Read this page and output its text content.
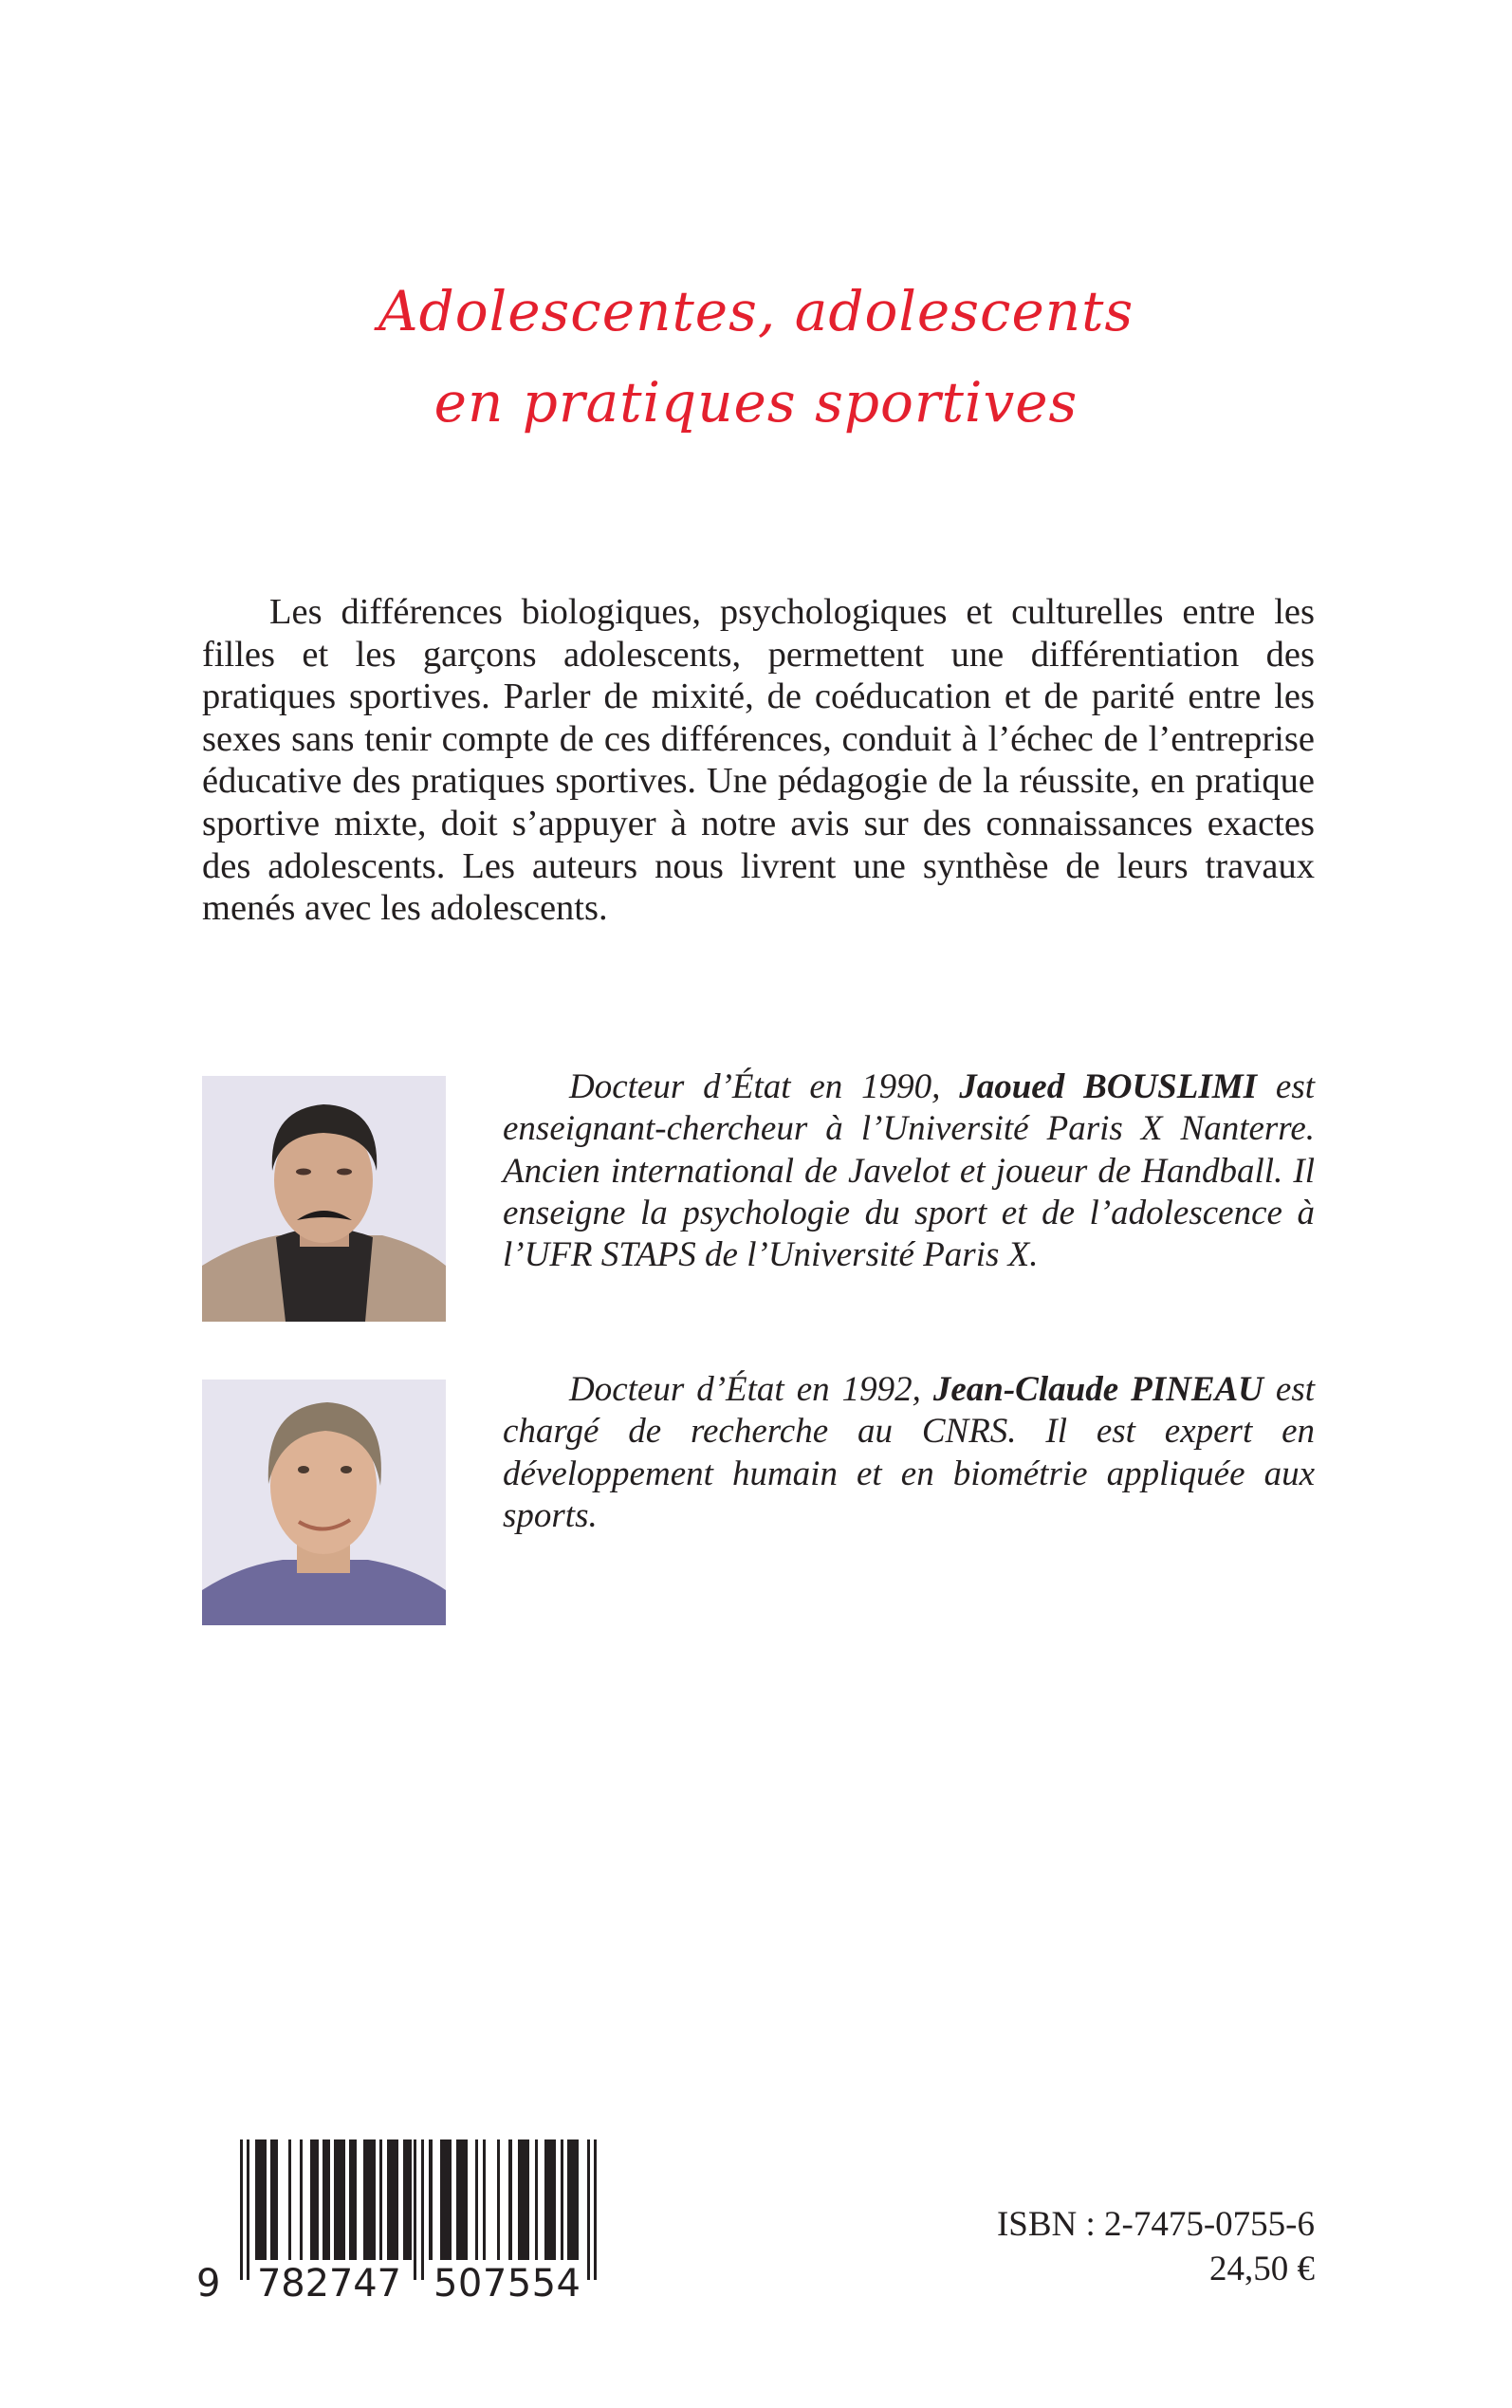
Adolescentes, adolescents
en pratiques sportives

Les différences biologiques, psychologiques et culturelles entre les filles et les garçons adolescents, permettent une différentiation des pratiques sportives. Parler de mixité, de coéducation et de parité entre les sexes sans tenir compte de ces différences, conduit à l’échec de l’entreprise éducative des pratiques sportives. Une pédagogie de la réussite, en pratique sportive mixte, doit s’appuyer à notre avis sur des connaissances exactes des adolescents. Les auteurs nous livrent une synthèse de leurs travaux menés avec les adolescents.

Docteur d’État en 1990, Jaoued BOUSLIMI est enseignant-chercheur à l’Université Paris X Nanterre. Ancien international de Javelot et joueur de Handball. Il enseigne la psychologie du sport et de l’adolescence à l’UFR STAPS de l’Université Paris X.

Docteur d’État en 1992, Jean-Claude PINEAU est chargé de recherche au CNRS. Il est expert en développement humain et en biométrie appliquée aux sports.

9 782747 507554

ISBN : 2-7475-0755-6

24,50 €
